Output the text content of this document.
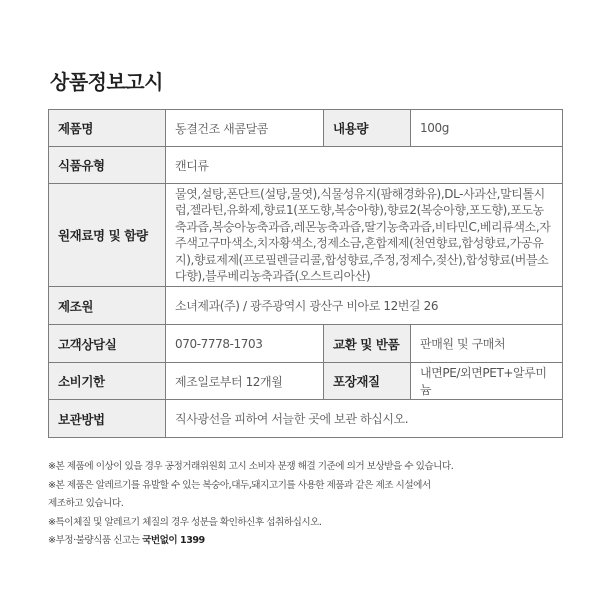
상품정보고시
제품명	동결건조 새콤달콤	내용량	100g
식품유형	캔디류		
원재료명 및 함량	물엿,설탕,폰단트(설탕,물엿),식물성유지(팜해경화유),DL-사과산,말티톨시럽,젤라틴,유화제,향료1(포도향,복숭아향),향료2(복숭아향,포도향),포도농축과즙,복숭아농축과즙,레몬농축과즙,딸기농축과즙,비타민C,베리류색소,자주색고구마색소,치자황색소,정제소금,혼합제제(천연향료,합성향료,가공유지),향료제제(프로필렌글리콜,합성향료,주정,정제수,젖산),합성향료(버블소다향),블루베리농축과즙(오스트리아산)		
제조원	소녀제과(주) / 광주광역시 광산구 비아로 12번길 26		
고객상담실	070-7778-1703	교환 및 반품	판매원 및 구매처
소비기한	제조일로부터 12개월	포장재질	내면PE/외면PET+알루미늄
보관방법	직사광선을 피하여 서늘한 곳에 보관 하십시오.		

※본 제품에 이상이 있을 경우 공정거래위원회 고시 소비자 분쟁 해결 기준에 의거 보상받을 수 있습니다.

※본 제품은 알레르기를 유발할 수 있는 복숭아,대두,돼지고기를 사용한 제품과 같은 제조 시설에서

제조하고 있습니다.

※특이체질 및 알레르기 체질의 경우 성분을 확인하신후 섭취하십시오.

※부정·불량식품 신고는 국번없이 1399
